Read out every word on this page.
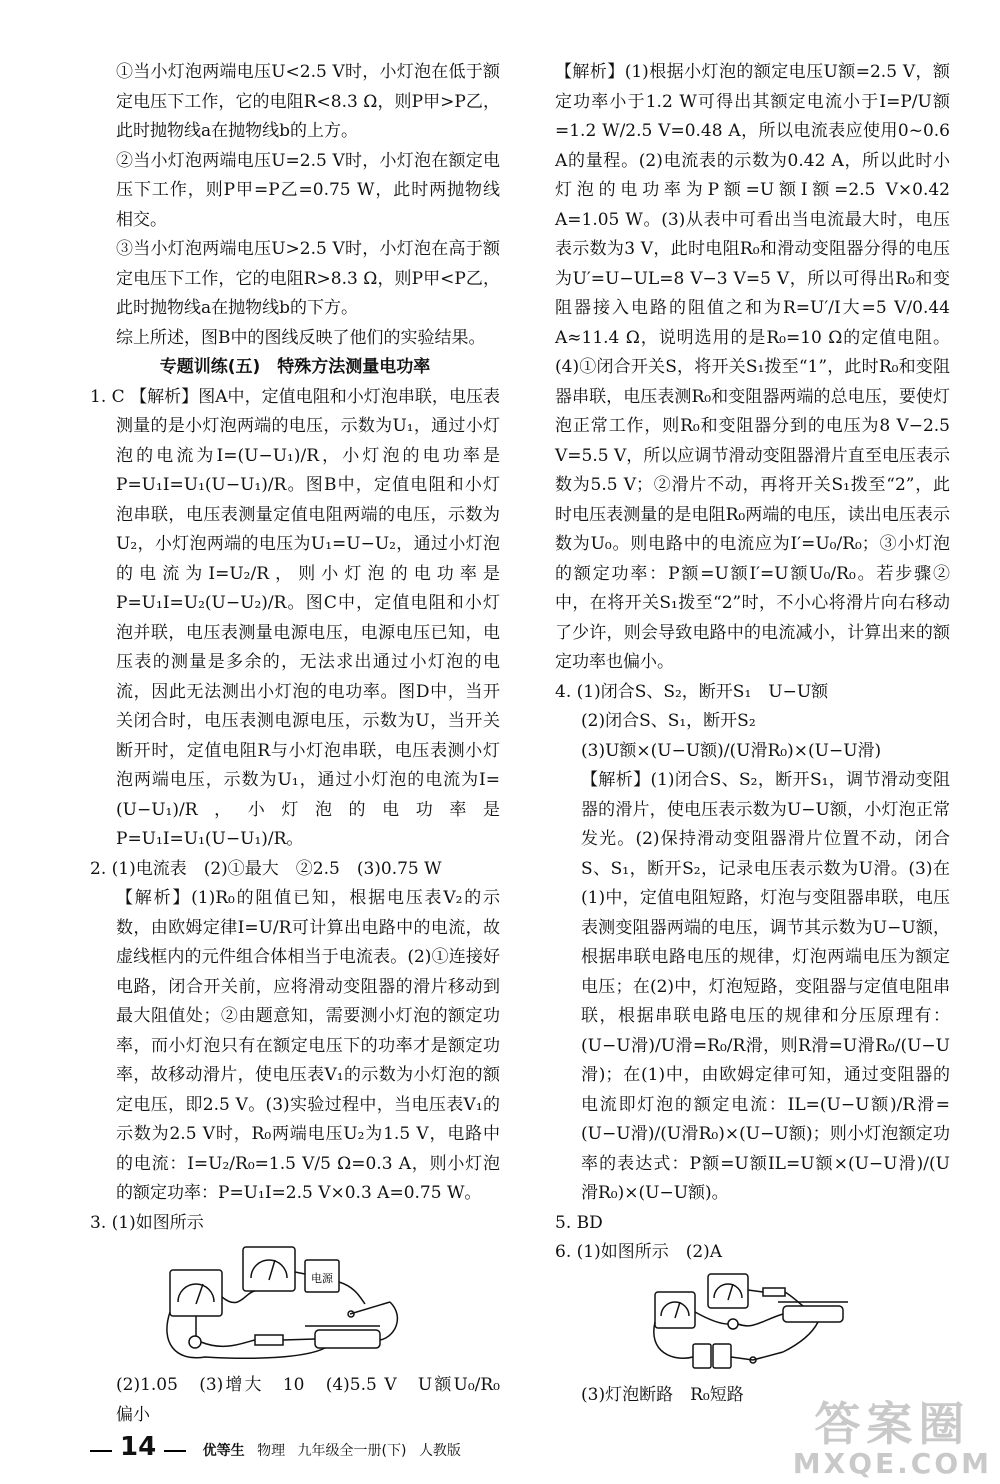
①当小灯泡两端电压U<2.5 V时，小灯泡在低于额定电压下工作，它的电阻R<8.3 Ω，则P甲>P乙，此时抛物线a在抛物线b的上方。

②当小灯泡两端电压U=2.5 V时，小灯泡在额定电压下工作，则P甲=P乙=0.75 W，此时两抛物线相交。

③当小灯泡两端电压U>2.5 V时，小灯泡在高于额定电压下工作，它的电阻R>8.3 Ω，则P甲<P乙，此时抛物线a在抛物线b的下方。

综上所述，图B中的图线反映了他们的实验结果。

专题训练(五)　特殊方法测量电功率

1. C 【解析】图A中，定值电阻和小灯泡串联，电压表测量的是小灯泡两端的电压，示数为U₁，通过小灯泡的电流为I=(U−U₁)/R，小灯泡的电功率是P=U₁I=U₁(U−U₁)/R。图B中，定值电阻和小灯泡串联，电压表测量定值电阻两端的电压，示数为U₂，小灯泡两端的电压为U₁=U−U₂，通过小灯泡的电流为I=U₂/R，则小灯泡的电功率是P=U₁I=U₂(U−U₂)/R。图C中，定值电阻和小灯泡并联，电压表测量电源电压，电源电压已知，电压表的测量是多余的，无法求出通过小灯泡的电流，因此无法测出小灯泡的电功率。图D中，当开关闭合时，电压表测电源电压，示数为U，当开关断开时，定值电阻R与小灯泡串联，电压表测小灯泡两端电压，示数为U₁，通过小灯泡的电流为I=(U−U₁)/R，小灯泡的电功率是P=U₁I=U₁(U−U₁)/R。

2. (1)电流表　(2)①最大　②2.5　(3)0.75 W

【解析】(1)R₀的阻值已知，根据电压表V₂的示数，由欧姆定律I=U/R可计算出电路中的电流，故虚线框内的元件组合体相当于电流表。(2)①连接好电路，闭合开关前，应将滑动变阻器的滑片移动到最大阻值处；②由题意知，需要测小灯泡的额定功率，而小灯泡只有在额定电压下的功率才是额定功率，故移动滑片，使电压表V₁的示数为小灯泡的额定电压，即2.5 V。(3)实验过程中，当电压表V₁的示数为2.5 V时，R₀两端电压U₂为1.5 V，电路中的电流：I=U₂/R₀=1.5 V/5 Ω=0.3 A，则小灯泡的额定功率：P=U₁I=2.5 V×0.3 A=0.75 W。

3. (1)如图所示

电源

(2)1.05　(3)增大　10　(4)5.5 V　U额U₀/R₀　偏小

【解析】(1)根据小灯泡的额定电压U额=2.5 V，额定功率小于1.2 W可得出其额定电流小于I=P/U额=1.2 W/2.5 V=0.48 A，所以电流表应使用0~0.6 A的量程。(2)电流表的示数为0.42 A，所以此时小灯泡的电功率为P额=U额I额=2.5 V×0.42 A=1.05 W。(3)从表中可看出当电流最大时，电压表示数为3 V，此时电阻R₀和滑动变阻器分得的电压为U′=U−UL=8 V−3 V=5 V，所以可得出R₀和变阻器接入电路的阻值之和为R=U′/I大=5 V/0.44 A≈11.4 Ω，说明选用的是R₀=10 Ω的定值电阻。(4)①闭合开关S，将开关S₁拨至“1”，此时R₀和变阻器串联，电压表测R₀和变阻器两端的总电压，要使灯泡正常工作，则R₀和变阻器分到的电压为8 V−2.5 V=5.5 V，所以应调节滑动变阻器滑片直至电压表示数为5.5 V；②滑片不动，再将开关S₁拨至“2”，此时电压表测量的是电阻R₀两端的电压，读出电压表示数为U₀。则电路中的电流应为I′=U₀/R₀；③小灯泡的额定功率：P额=U额I′=U额U₀/R₀。若步骤②中，在将开关S₁拨至“2”时，不小心将滑片向右移动了少许，则会导致电路中的电流减小，计算出来的额定功率也偏小。

4. (1)闭合S、S₂，断开S₁　U−U额

(2)闭合S、S₁，断开S₂

(3)U额×(U−U额)/(U滑R₀)×(U−U滑)

【解析】(1)闭合S、S₂，断开S₁，调节滑动变阻器的滑片，使电压表示数为U−U额，小灯泡正常发光。(2)保持滑动变阻器滑片位置不动，闭合S、S₁，断开S₂，记录电压表示数为U滑。(3)在(1)中，定值电阻短路，灯泡与变阻器串联，电压表测变阻器两端的电压，调节其示数为U−U额，根据串联电路电压的规律，灯泡两端电压为额定电压；在(2)中，灯泡短路，变阻器与定值电阻串联，根据串联电路电压的规律和分压原理有：(U−U滑)/U滑=R₀/R滑，则R滑=U滑R₀/(U−U滑)；在(1)中，由欧姆定律可知，通过变阻器的电流即灯泡的额定电流：IL=(U−U额)/R滑=(U−U滑)/(U滑R₀)×(U−U额)；则小灯泡额定功率的表达式：P额=U额IL=U额×(U−U滑)/(U滑R₀)×(U−U额)。

5. BD

6. (1)如图所示　(2)A

(3)灯泡断路　R₀短路

14	优等生 物理 九年级全一册(下) 人教版	答案圈
MXQE.COM
